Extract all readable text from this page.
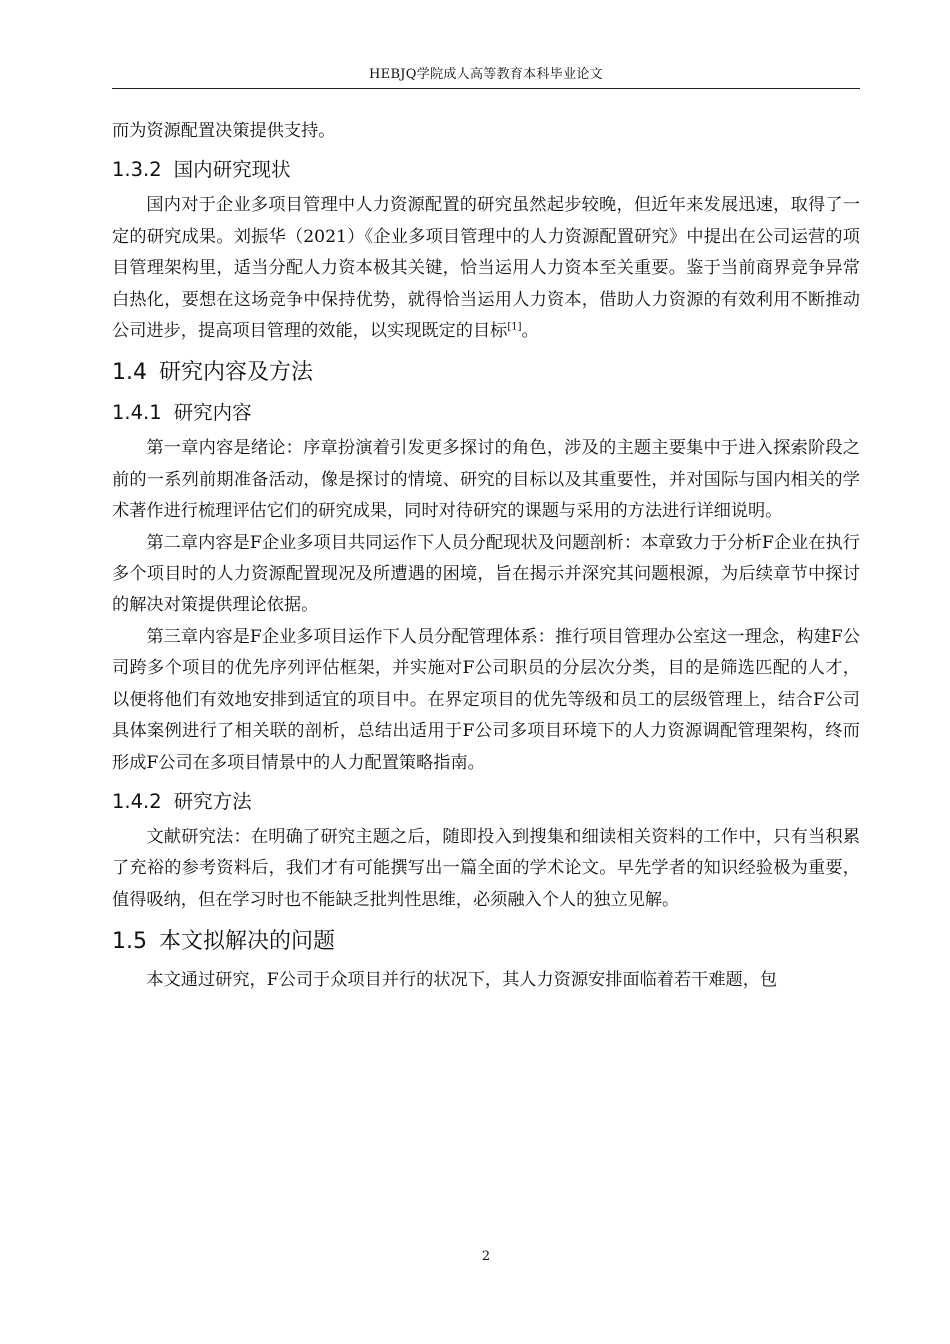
HEBJQ学院成人高等教育本科毕业论文

而为资源配置决策提供支持。

1.3.2 国内研究现状

国内对于企业多项目管理中人力资源配置的研究虽然起步较晚，但近年来发展迅速，取得了一定的研究成果。刘振华（2021）《企业多项目管理中的人力资源配置研究》中提出在公司运营的项目管理架构里，适当分配人力资本极其关键，恰当运用人力资本至关重要。鉴于当前商界竞争异常白热化，要想在这场竞争中保持优势，就得恰当运用人力资本，借助人力资源的有效利用不断推动公司进步，提高项目管理的效能，以实现既定的目标[1]。

1.4 研究内容及方法
1.4.1 研究内容

第一章内容是绪论：序章扮演着引发更多探讨的角色，涉及的主题主要集中于进入探索阶段之前的一系列前期准备活动，像是探讨的情境、研究的目标以及其重要性，并对国际与国内相关的学术著作进行梳理评估它们的研究成果，同时对待研究的课题与采用的方法进行详细说明。

第二章内容是F企业多项目共同运作下人员分配现状及问题剖析：本章致力于分析F企业在执行多个项目时的人力资源配置现况及所遭遇的困境，旨在揭示并深究其问题根源，为后续章节中探讨的解决对策提供理论依据。

第三章内容是F企业多项目运作下人员分配管理体系：推行项目管理办公室这一理念，构建F公司跨多个项目的优先序列评估框架，并实施对F公司职员的分层次分类，目的是筛选匹配的人才，以便将他们有效地安排到适宜的项目中。在界定项目的优先等级和员工的层级管理上，结合F公司具体案例进行了相关联的剖析，总结出适用于F公司多项目环境下的人力资源调配管理架构，终而形成F公司在多项目情景中的人力配置策略指南。

1.4.2 研究方法

文献研究法：在明确了研究主题之后，随即投入到搜集和细读相关资料的工作中，只有当积累了充裕的参考资料后，我们才有可能撰写出一篇全面的学术论文。早先学者的知识经验极为重要，值得吸纳，但在学习时也不能缺乏批判性思维，必须融入个人的独立见解。

1.5 本文拟解决的问题

本文通过研究，F公司于众项目并行的状况下，其人力资源安排面临着若干难题，包

2
